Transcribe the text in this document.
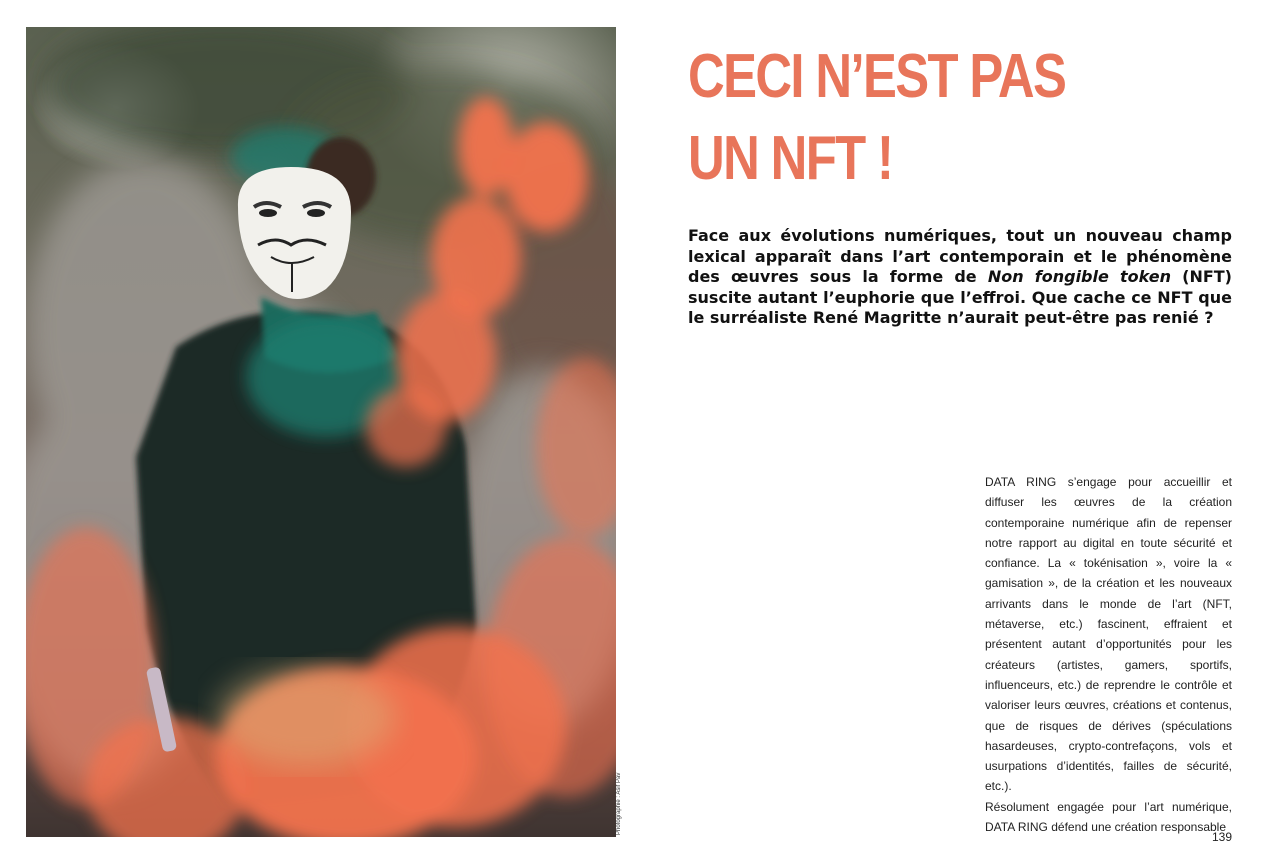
Photographie : Asif Pav
CECI N’EST PAS
UN NFT !

Face aux évolutions numériques, tout un nouveau champ lexical apparaît dans l’art contemporain et le phénomène des œuvres sous la forme de Non fongible token (NFT) suscite autant l’euphorie que l’effroi. Que cache ce NFT que le surréaliste René Magritte n’aurait peut-être pas renié ?

DATA RING s’engage pour accueillir et diffuser les œuvres de la création contemporaine numérique afin de repenser notre rapport au digital en toute sécurité et confiance. La « tokénisation », voire la « gamisation », de la création et les nouveaux arrivants dans le monde de l’art (NFT, métaverse, etc.) fascinent, effraient et présentent autant d’opportunités pour les créateurs (artistes, gamers, sportifs, influenceurs, etc.) de reprendre le contrôle et valoriser leurs œuvres, créations et contenus, que de risques de dérives (spéculations hasardeuses, crypto-contrefaçons, vols et usurpations d’identités, failles de sécurité, etc.).

Résolument engagée pour l’art numérique, DATA RING défend une création responsable

139
